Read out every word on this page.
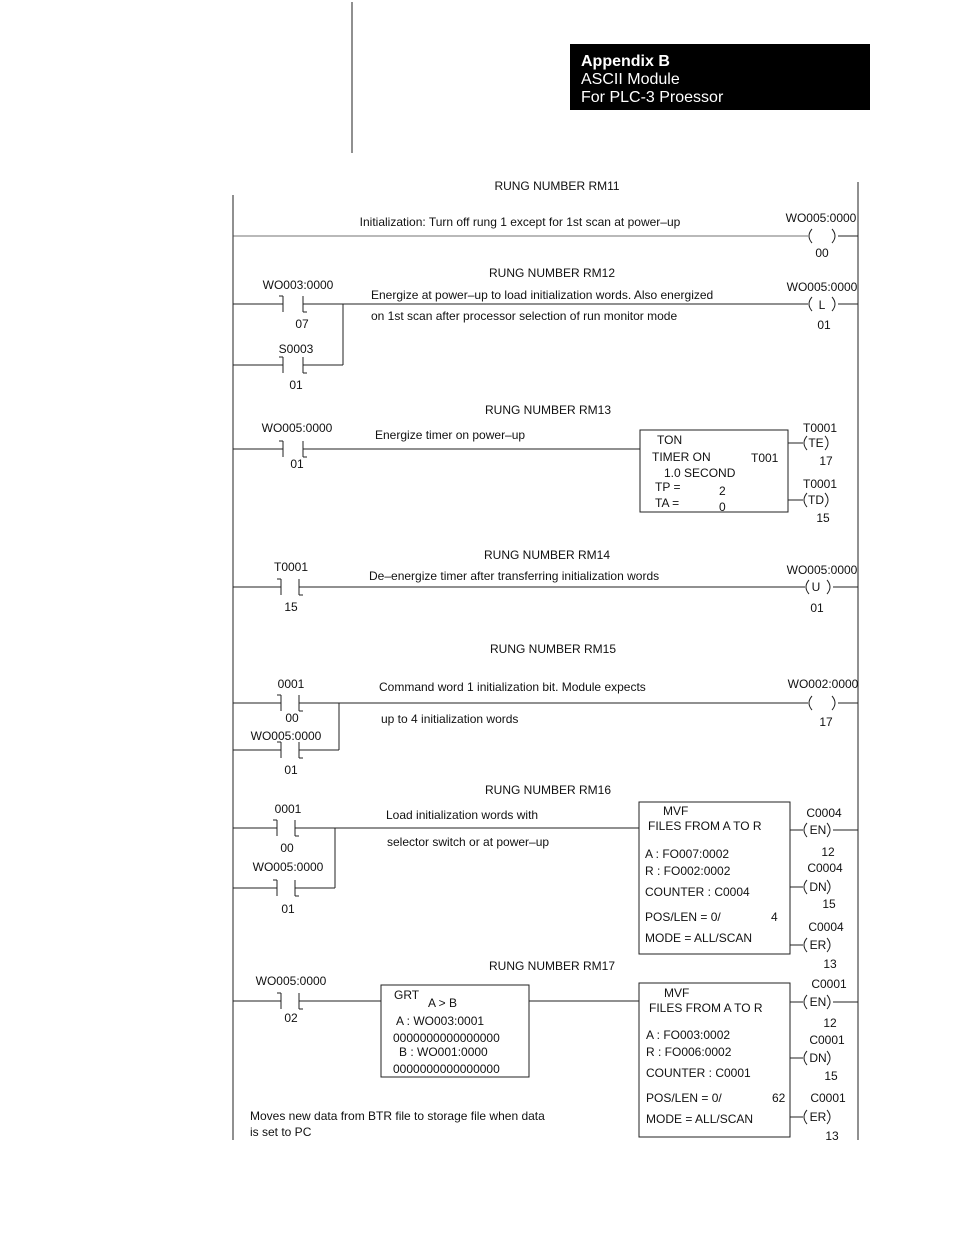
Appendix B
ASCII Module
For PLC-3 Proessor
RUNG NUMBER RM11
Initialization: Turn off rung 1 except for 1st scan at power–up	WO005:0000
00
RUNG NUMBER RM12
Energize at power–up to load initialization words. Also energized
on 1st scan after processor selection of run monitor mode
WO003:0000
07
S0003
01
L
WO005:0000
01
RUNG NUMBER RM13
Energize timer on power–up
WO005:0000
01
TON
TIMER ON	T001
1.0 SECOND
TP =	2
TA =	0
TE
T0001
17
TD
T0001
15
RUNG NUMBER RM14
De–energize timer after transferring initialization words
T0001
15
U
WO005:0000
01
RUNG NUMBER RM15
Command word 1 initialization bit. Module expects
up to 4 initialization words
0001
00
WO005:0000
01
WO002:0000
17
RUNG NUMBER RM16
Load initialization words with
selector switch or at power–up
0001
00
WO005:0000
01
MVF
FILES FROM A TO R
A : FO007:0002
R : FO002:0002
COUNTER : C0004
POS/LEN = 0/	4
MODE = ALL/SCAN
EN
C0004
12
DN
C0004
15
ER
C0004
13
RUNG NUMBER RM17
WO005:0000
02
GRT
A > B
A : WO003:0001
0000000000000000
B : WO001:0000
0000000000000000
MVF
FILES FROM A TO R
A : FO003:0002
R : FO006:0002
COUNTER : C0001
POS/LEN = 0/	62
MODE = ALL/SCAN
Moves new data from BTR file to storage file when data
is set to PC
EN
C0001
12
DN
C0001
15
ER
C0001
13
